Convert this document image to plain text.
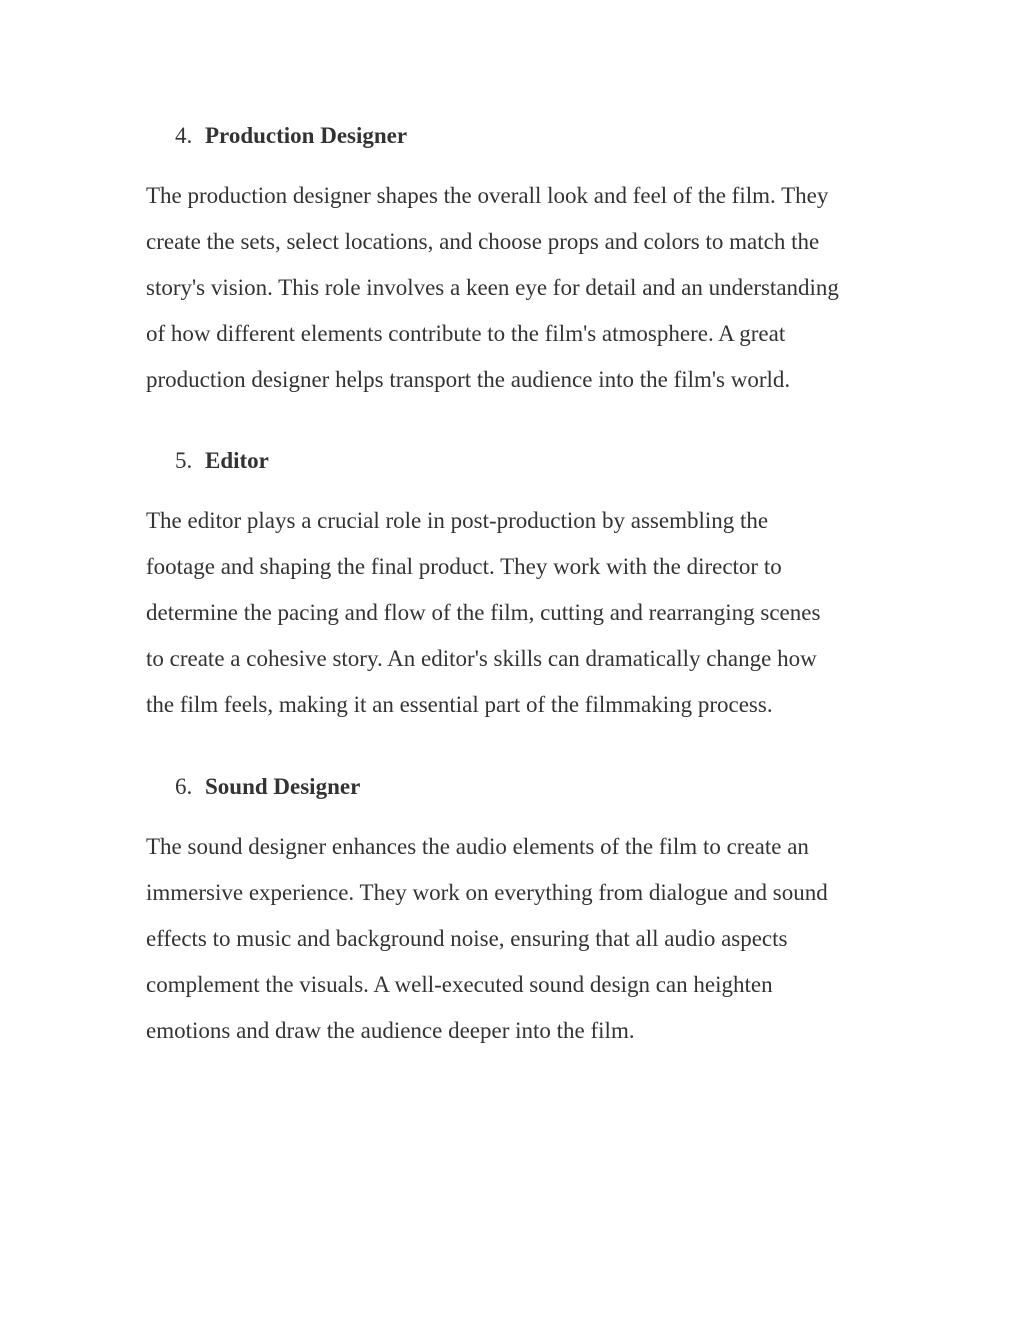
4. Production Designer
The production designer shapes the overall look and feel of the film. They
create the sets, select locations, and choose props and colors to match the
story's vision. This role involves a keen eye for detail and an understanding
of how different elements contribute to the film's atmosphere. A great
production designer helps transport the audience into the film's world.
5. Editor
The editor plays a crucial role in post-production by assembling the
footage and shaping the final product. They work with the director to
determine the pacing and flow of the film, cutting and rearranging scenes
to create a cohesive story. An editor's skills can dramatically change how
the film feels, making it an essential part of the filmmaking process.
6. Sound Designer
The sound designer enhances the audio elements of the film to create an
immersive experience. They work on everything from dialogue and sound
effects to music and background noise, ensuring that all audio aspects
complement the visuals. A well-executed sound design can heighten
emotions and draw the audience deeper into the film.
